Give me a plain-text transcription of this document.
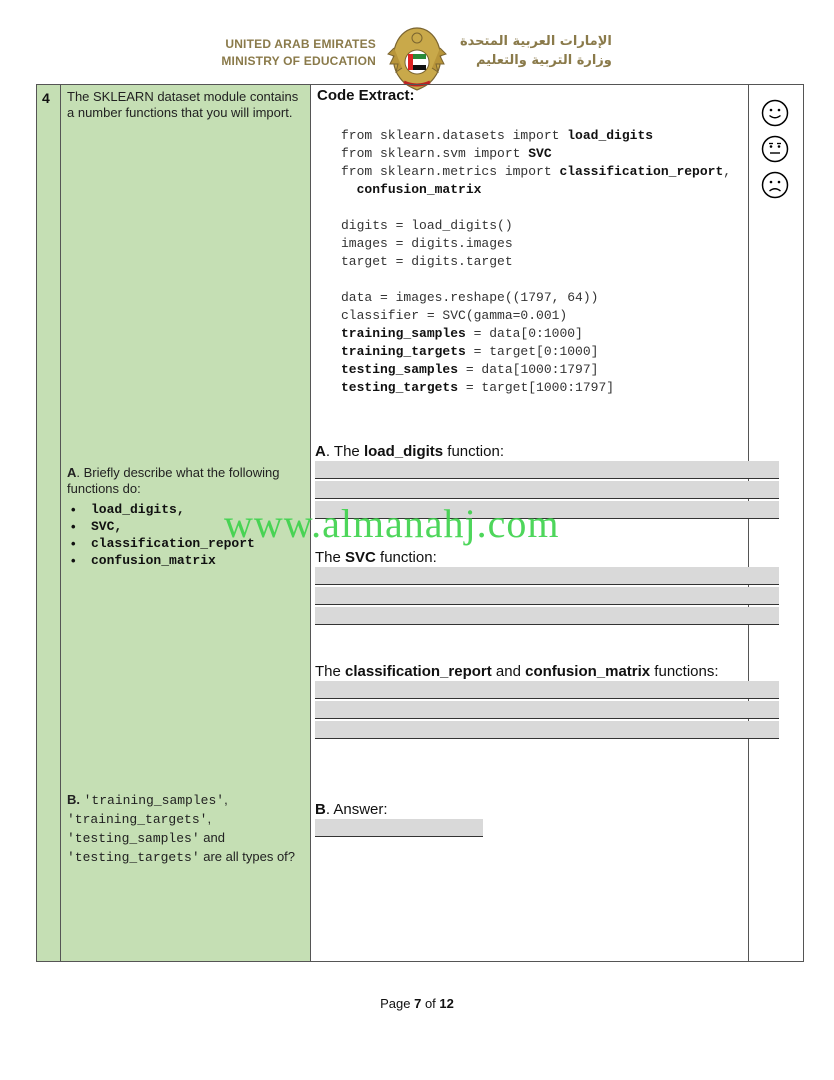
UNITED ARAB EMIRATES
MINISTRY OF EDUCATION
الإمارات العربية المتحدة
وزارة التربية والتعليم
4 The SKLEARN dataset module contains a number functions that you will import.
A. Briefly describe what the following functions do:
• load_digits,
• SVC,
• classification_report
• confusion_matrix
B. 'training_samples',
'training_targets',
'testing_samples' and
'testing_targets' are all types of?
Code Extract:
from sklearn.datasets import load_digits
from sklearn.svm import SVC
from sklearn.metrics import classification_report,
confusion_matrix

digits = load_digits()
images = digits.images
target = digits.target

data = images.reshape((1797, 64))
classifier = SVC(gamma=0.001)
training_samples = data[0:1000]
training_targets = target[0:1000]
testing_samples = data[1000:1797]
testing_targets = target[1000:1797]
A. The load_digits function:
The SVC function:
The classification_report and confusion_matrix functions:
B. Answer:
www.almanahj.com
Page 7 of 12
